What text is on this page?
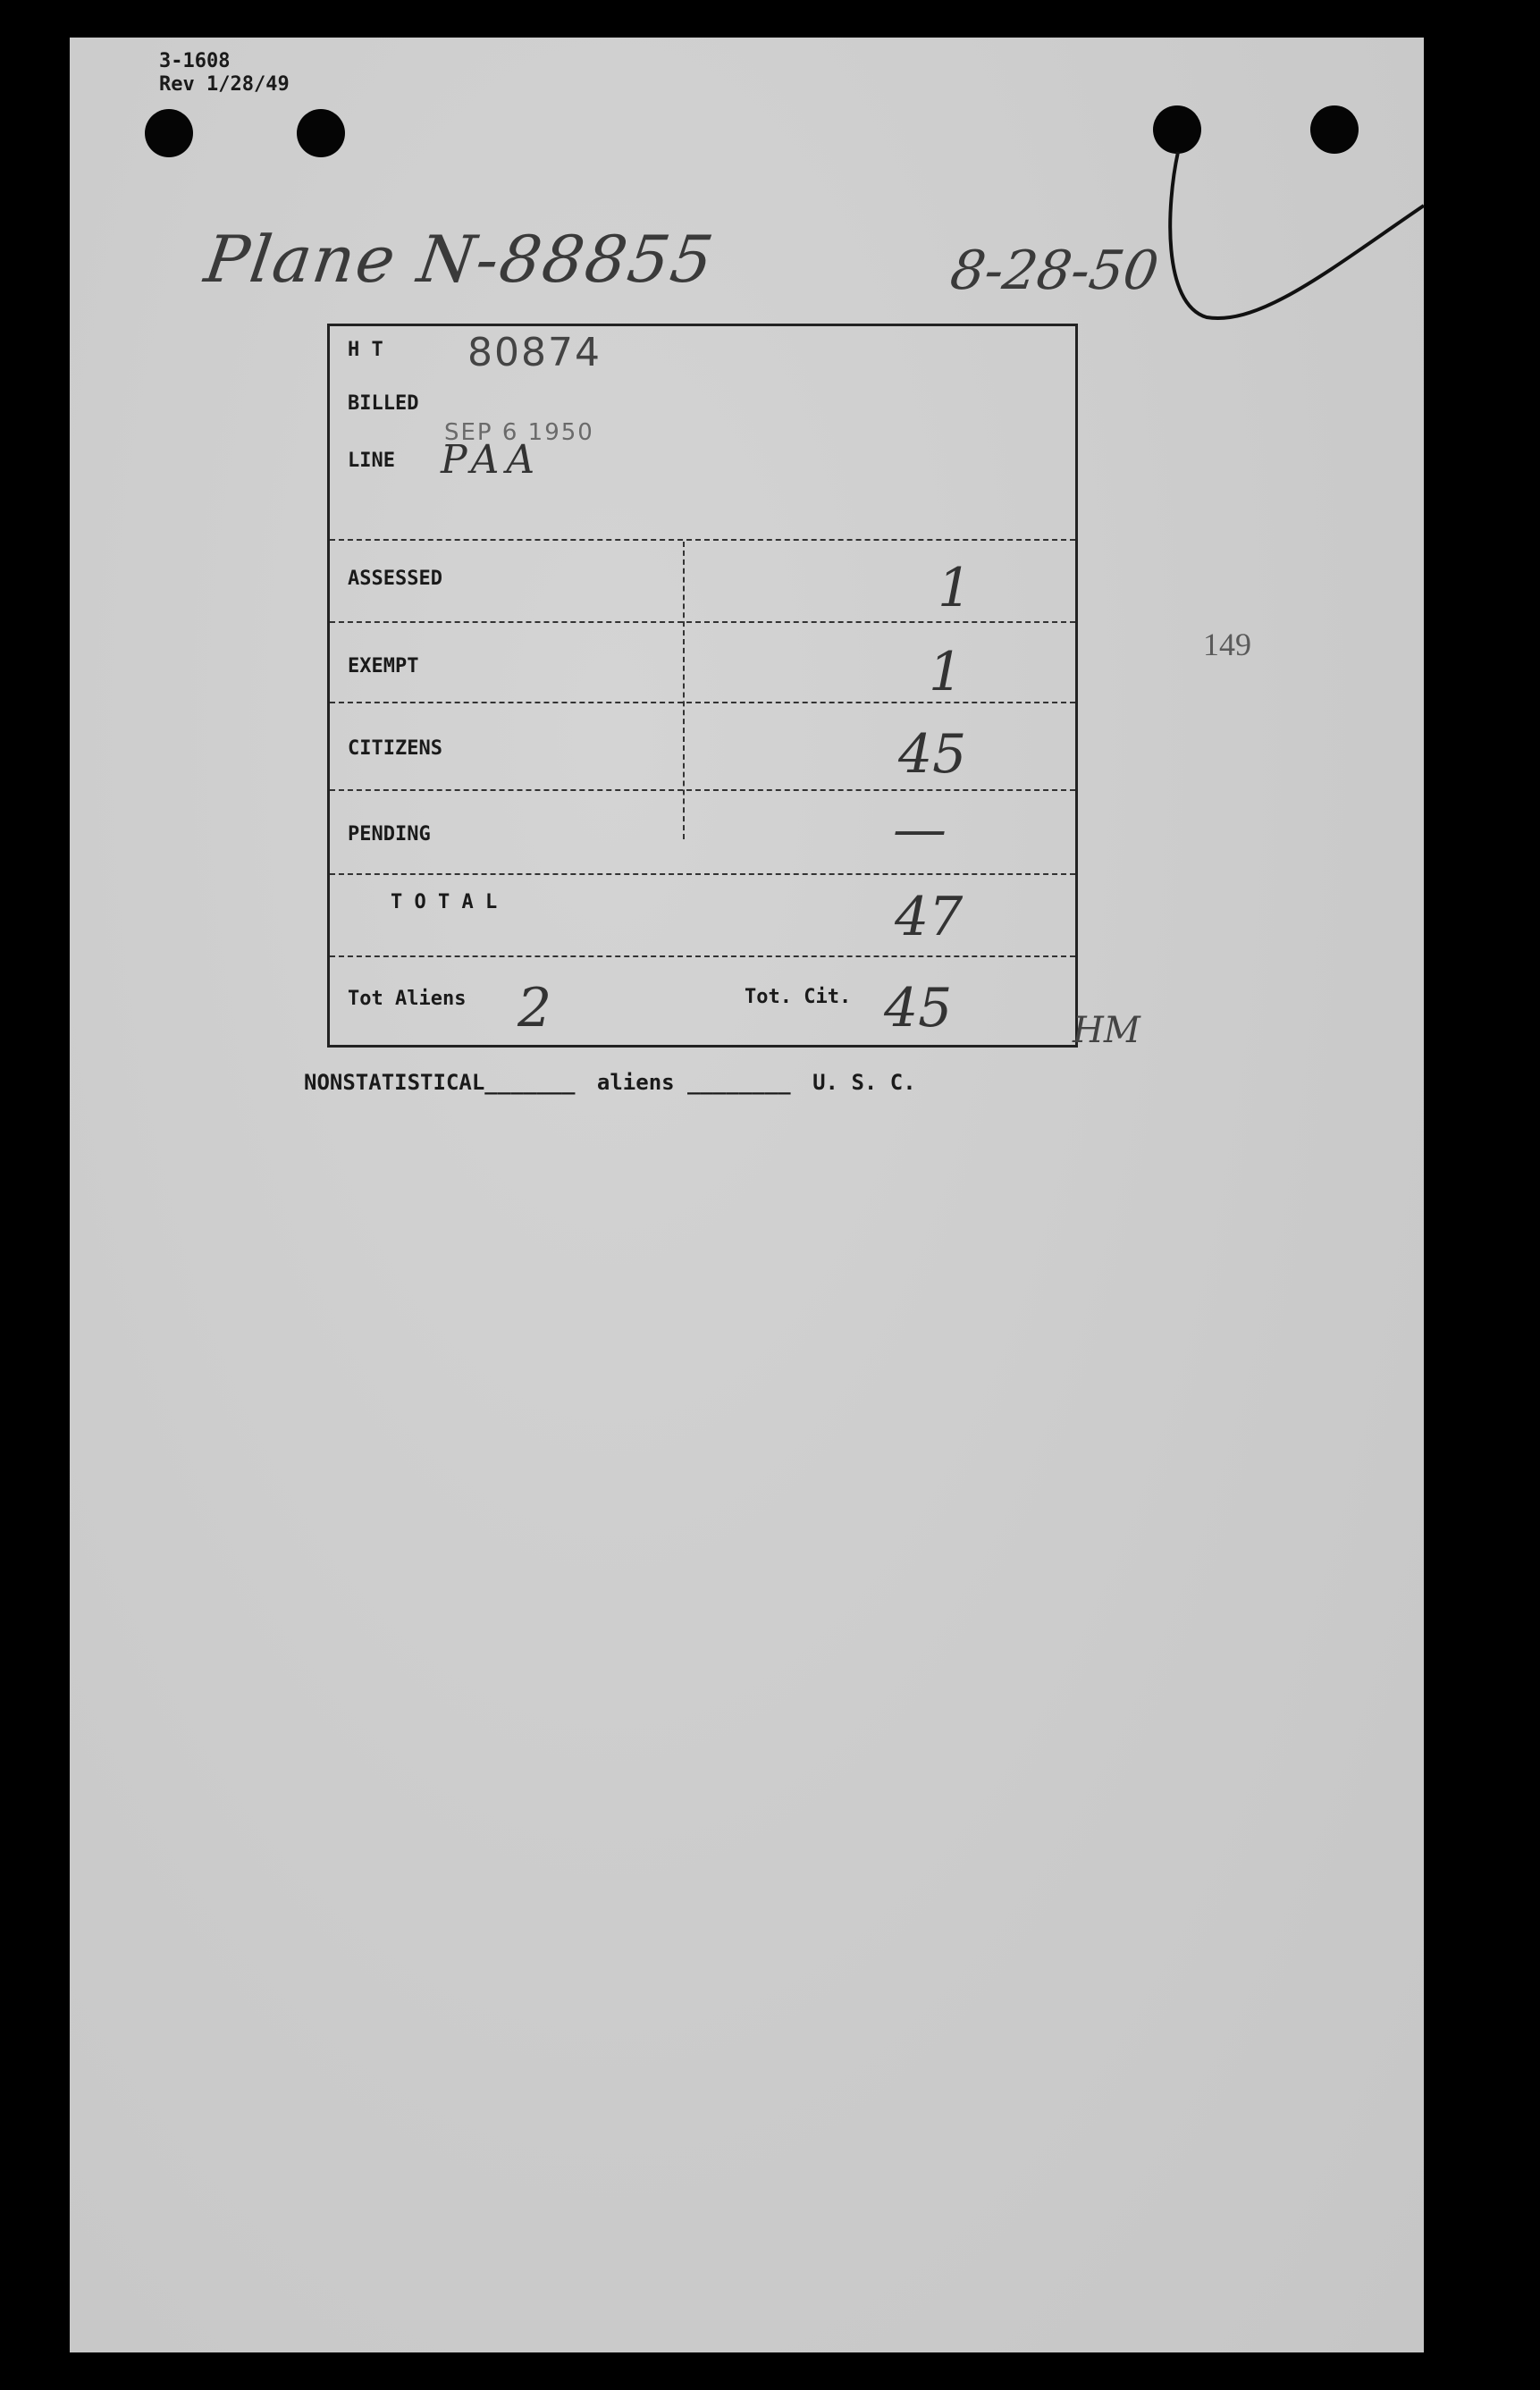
3-1608
Rev 1/28/49
Plane N-88855	8-28-50
149
H T 80874
BILLED
SEP 6 1950
LINE PAA
ASSESSED	1
EXEMPT	1
CITIZENS	45
PENDING	—
T O T A L	47
Tot Aliens 2	Tot. Cit. 45	HM
NONSTATISTICAL_______ aliens ________ U. S. C.
